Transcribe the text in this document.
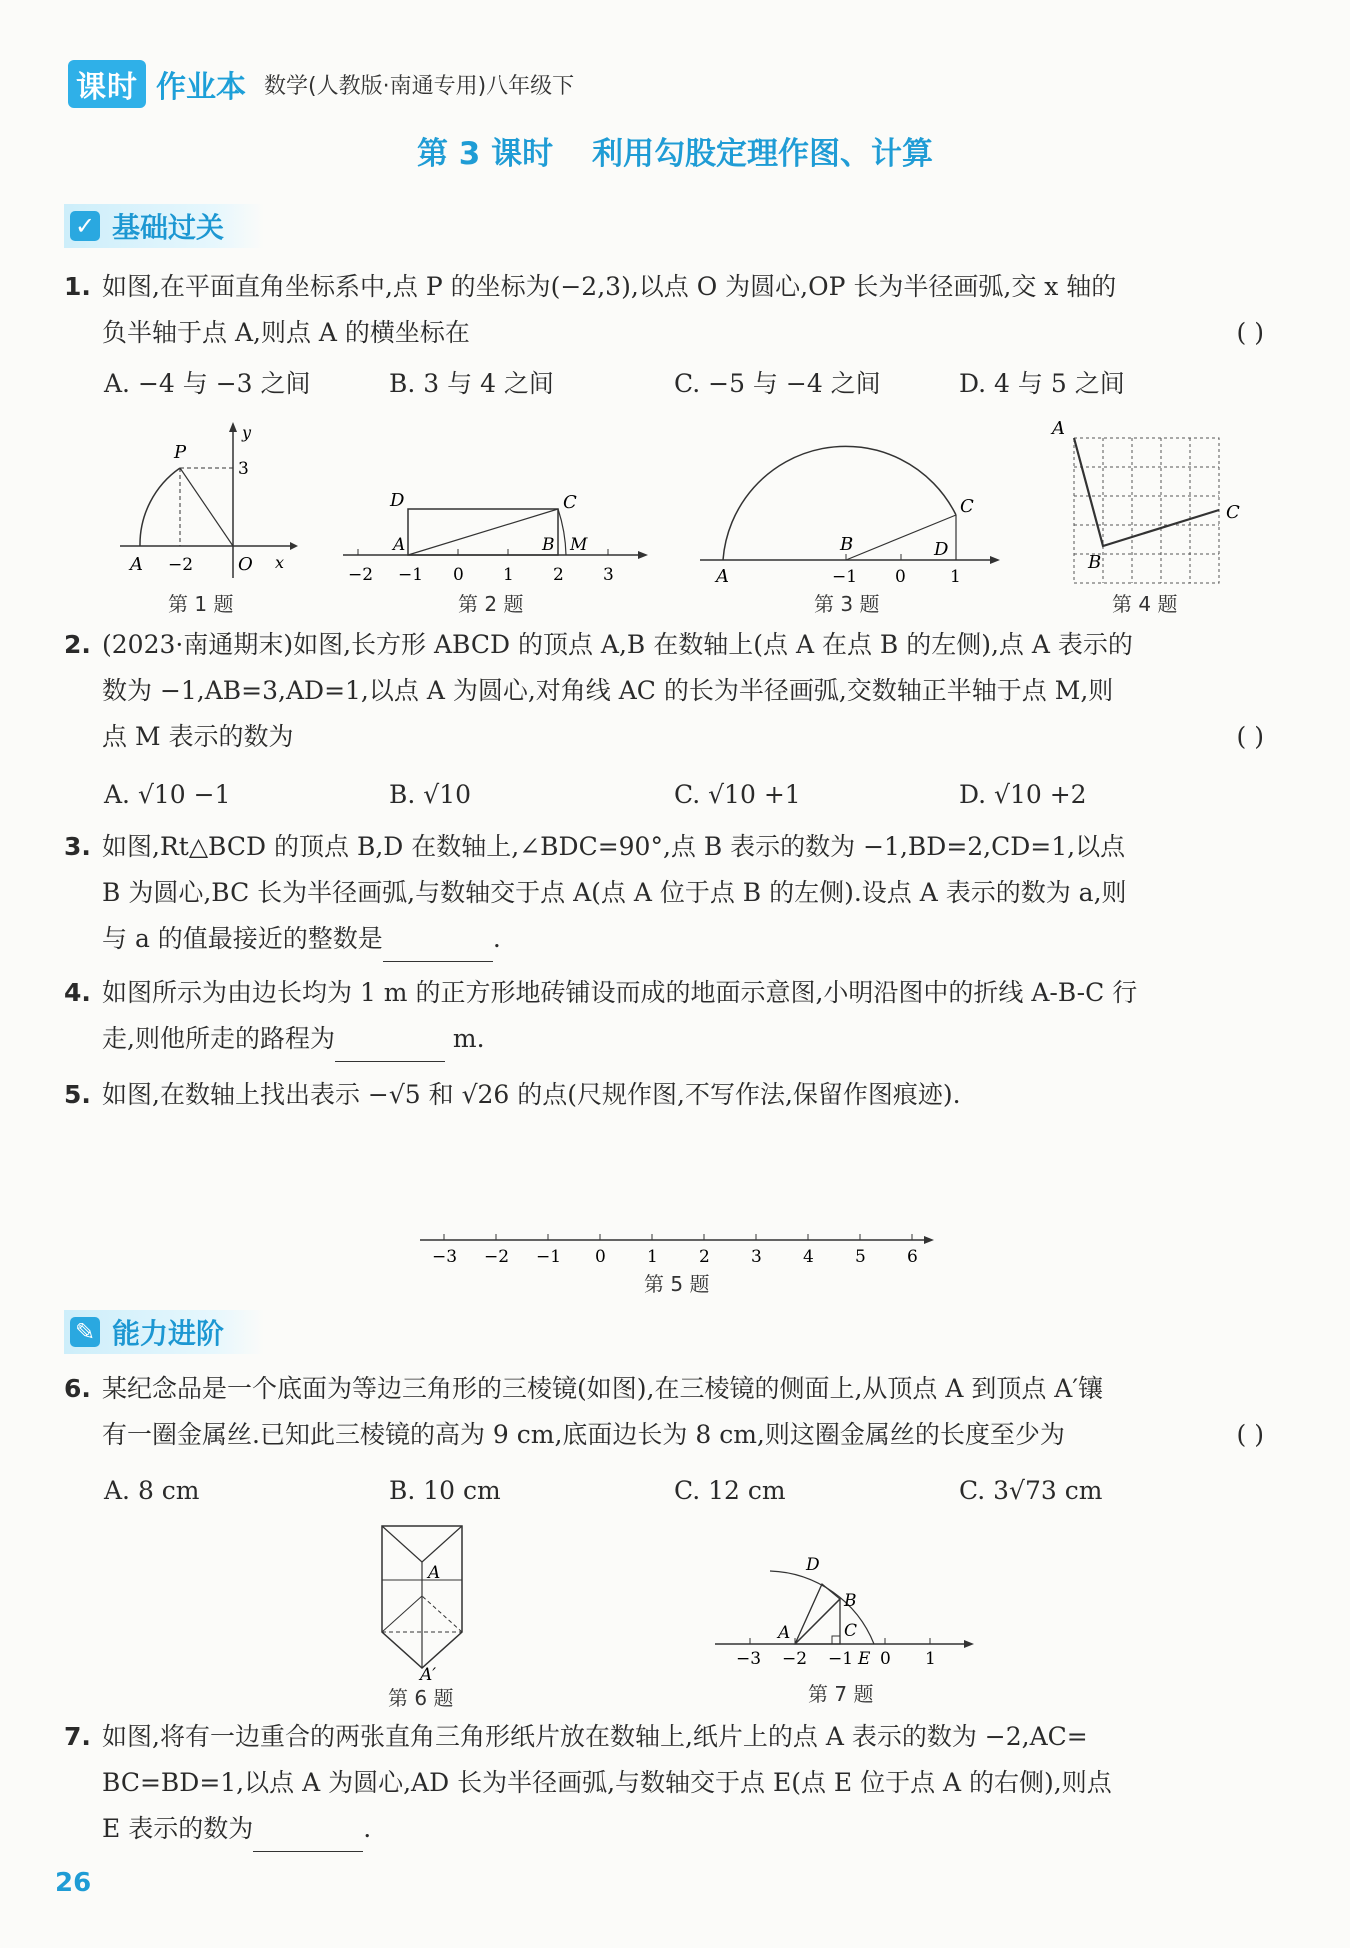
课时 作业本 数学(人教版·南通专用)八年级下
第 3 课时 利用勾股定理作图、计算
✓ 基础过关
1. 如图,在平面直角坐标系中,点 P 的坐标为(−2,3),以点 O 为圆心,OP 长为半径画弧,交 x 轴的
负半轴于点 A,则点 A 的横坐标在	( )
A. −4 与 −3 之间	B. 3 与 4 之间	C. −5 与 −4 之间	D. 4 与 5 之间
P
y
3
A −2 O x
第 1 题
D	C
A	B M
−2 −1 0 1 2 3
第 2 题
A
B
C
D
−1 0	1
第 3 题
A
B
C
第 4 题
2. (2023·南通期末)如图,长方形 ABCD 的顶点 A,B 在数轴上(点 A 在点 B 的左侧),点 A 表示的
数为 −1,AB=3,AD=1,以点 A 为圆心,对角线 AC 的长为半径画弧,交数轴正半轴于点 M,则
点 M 表示的数为	( )
A. √10 −1	B. √10	C. √10 +1	D. √10 +2
3. 如图,Rt△BCD 的顶点 B,D 在数轴上,∠BDC=90°,点 B 表示的数为 −1,BD=2,CD=1,以点
B 为圆心,BC 长为半径画弧,与数轴交于点 A(点 A 位于点 B 的左侧).设点 A 表示的数为 a,则
与 a 的值最接近的整数是	.
4. 如图所示为由边长均为 1 m 的正方形地砖铺设而成的地面示意图,小明沿图中的折线 A-B-C 行
走,则他所走的路程为	m.
5. 如图,在数轴上找出表示 −√5 和 √26 的点(尺规作图,不写作法,保留作图痕迹).
−3 −2 −1 0 1 2 3 4 5 6
第 5 题
✎ 能力进阶
6. 某纪念品是一个底面为等边三角形的三棱镜(如图),在三棱镜的侧面上,从顶点 A 到顶点 A′镶
有一圈金属丝.已知此三棱镜的高为 9 cm,底面边长为 8 cm,则这圈金属丝的长度至少为	( )
A. 8 cm	B. 10 cm	C. 12 cm	C. 3√73 cm
A
A′
第 6 题
D
B
A	C
E
−3 −2 −1 0 1
第 7 题
7. 如图,将有一边重合的两张直角三角形纸片放在数轴上,纸片上的点 A 表示的数为 −2,AC=
BC=BD=1,以点 A 为圆心,AD 长为半径画弧,与数轴交于点 E(点 E 位于点 A 的右侧),则点
E 表示的数为	.
26
